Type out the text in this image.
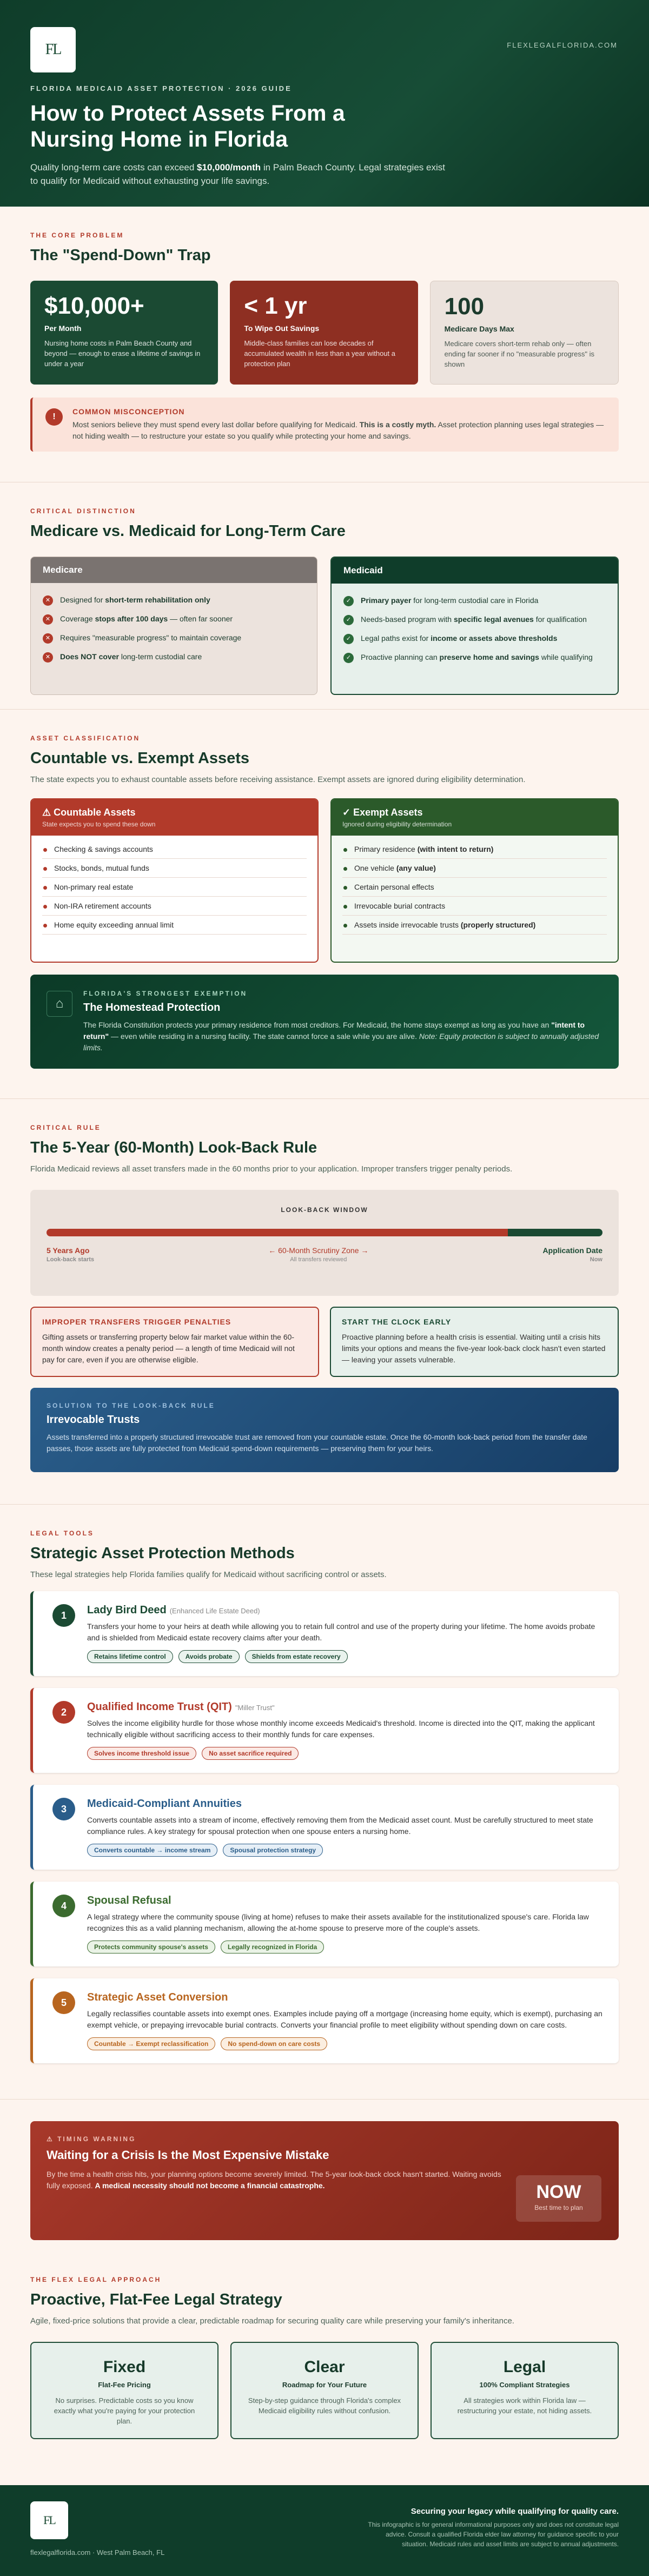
FL	FLEXLEGALFLORIDA.COM
FLORIDA MEDICAID ASSET PROTECTION · 2026 GUIDE
How to Protect Assets From a Nursing Home in Florida

Quality long-term care costs can exceed $10,000/month in Palm Beach County. Legal strategies exist to qualify for Medicaid without exhausting your life savings.

THE CORE PROBLEM
The "Spend-Down" Trap
$10,000+
Per Month
Nursing home costs in Palm Beach County and beyond — enough to erase a lifetime of savings in under a year
< 1 yr
To Wipe Out Savings
Middle-class families can lose decades of accumulated wealth in less than a year without a protection plan
100
Medicare Days Max
Medicare covers short-term rehab only — often ending far sooner if no "measurable progress" is shown
!
COMMON MISCONCEPTION

Most seniors believe they must spend every last dollar before qualifying for Medicaid. This is a costly myth. Asset protection planning uses legal strategies — not hiding wealth — to restructure your estate so you qualify while protecting your home and savings.

CRITICAL DISTINCTION
Medicare vs. Medicaid for Long-Term Care
Medicare
✕	Designed for short-term rehabilitation only
✕	Coverage stops after 100 days — often far sooner
✕	Requires "measurable progress" to maintain coverage
✕	Does NOT cover long-term custodial care
Medicaid
✓	Primary payer for long-term custodial care in Florida
✓	Needs-based program with specific legal avenues for qualification
✓	Legal paths exist for income or assets above thresholds
✓	Proactive planning can preserve home and savings while qualifying
ASSET CLASSIFICATION
Countable vs. Exempt Assets

The state expects you to exhaust countable assets before receiving assistance. Exempt assets are ignored during eligibility determination.

⚠ Countable Assets
State expects you to spend these down
Checking & savings accounts
Stocks, bonds, mutual funds
Non-primary real estate
Non-IRA retirement accounts
Home equity exceeding annual limit
✓ Exempt Assets
Ignored during eligibility determination
Primary residence (with intent to return)
One vehicle (any value)
Certain personal effects
Irrevocable burial contracts
Assets inside irrevocable trusts (properly structured)
⌂
FLORIDA'S STRONGEST EXEMPTION
The Homestead Protection

The Florida Constitution protects your primary residence from most creditors. For Medicaid, the home stays exempt as long as you have an "intent to return" — even while residing in a nursing facility. The state cannot force a sale while you are alive. Note: Equity protection is subject to annually adjusted limits.

CRITICAL RULE
The 5-Year (60-Month) Look-Back Rule

Florida Medicaid reviews all asset transfers made in the 60 months prior to your application. Improper transfers trigger penalty periods.

LOOK-BACK WINDOW
5 Years Ago
Look-back starts
← 60-Month Scrutiny Zone →
All transfers reviewed
Application Date
Now
IMPROPER TRANSFERS TRIGGER PENALTIES

Gifting assets or transferring property below fair market value within the 60-month window creates a penalty period — a length of time Medicaid will not pay for care, even if you are otherwise eligible.

START THE CLOCK EARLY

Proactive planning before a health crisis is essential. Waiting until a crisis hits limits your options and means the five-year look-back clock hasn't even started — leaving your assets vulnerable.

SOLUTION TO THE LOOK-BACK RULE
Irrevocable Trusts

Assets transferred into a properly structured irrevocable trust are removed from your countable estate. Once the 60-month look-back period from the transfer date passes, those assets are fully protected from Medicaid spend-down requirements — preserving them for your heirs.

LEGAL TOOLS
Strategic Asset Protection Methods

These legal strategies help Florida families qualify for Medicaid without sacrificing control or assets.

1	Lady Bird Deed (Enhanced Life Estate Deed)

Transfers your home to your heirs at death while allowing you to retain full control and use of the property during your lifetime. The home avoids probate and is shielded from Medicaid estate recovery claims after your death.

Retains lifetime control	Avoids probate	Shields from estate recovery
2	Qualified Income Trust (QIT) "Miller Trust"

Solves the income eligibility hurdle for those whose monthly income exceeds Medicaid's threshold. Income is directed into the QIT, making the applicant technically eligible without sacrificing access to their monthly funds for care expenses.

Solves income threshold issue	No asset sacrifice required
3	Medicaid-Compliant Annuities

Converts countable assets into a stream of income, effectively removing them from the Medicaid asset count. Must be carefully structured to meet state compliance rules. A key strategy for spousal protection when one spouse enters a nursing home.

Converts countable → income stream	Spousal protection strategy
4	Spousal Refusal

A legal strategy where the community spouse (living at home) refuses to make their assets available for the institutionalized spouse's care. Florida law recognizes this as a valid planning mechanism, allowing the at-home spouse to preserve more of the couple's assets.

Protects community spouse's assets	Legally recognized in Florida
5	Strategic Asset Conversion

Legally reclassifies countable assets into exempt ones. Examples include paying off a mortgage (increasing home equity, which is exempt), purchasing an exempt vehicle, or prepaying irrevocable burial contracts. Converts your financial profile to meet eligibility without spending down on care costs.

Countable → Exempt reclassification	No spend-down on care costs
⚠ TIMING WARNING
Waiting for a Crisis Is the Most Expensive Mistake

By the time a health crisis hits, your planning options become severely limited. The 5-year look-back clock hasn't started. Waiting avoids fully exposed. A medical necessity should not become a financial catastrophe.	NOW
Best time to plan
THE FLEX LEGAL APPROACH
Proactive, Flat-Fee Legal Strategy

Agile, fixed-price solutions that provide a clear, predictable roadmap for securing quality care while preserving your family's inheritance.

Fixed
Flat-Fee Pricing

No surprises. Predictable costs so you know exactly what you're paying for your protection plan.

Clear
Roadmap for Your Future

Step-by-step guidance through Florida's complex Medicaid eligibility rules without confusion.

Legal
100% Compliant Strategies

All strategies work within Florida law — restructuring your estate, not hiding assets.

FL
flexlegalflorida.com · West Palm Beach, FL
Securing your legacy while qualifying for quality care.

This infographic is for general informational purposes only and does not constitute legal advice. Consult a qualified Florida elder law attorney for guidance specific to your situation. Medicaid rules and asset limits are subject to annual adjustments.
